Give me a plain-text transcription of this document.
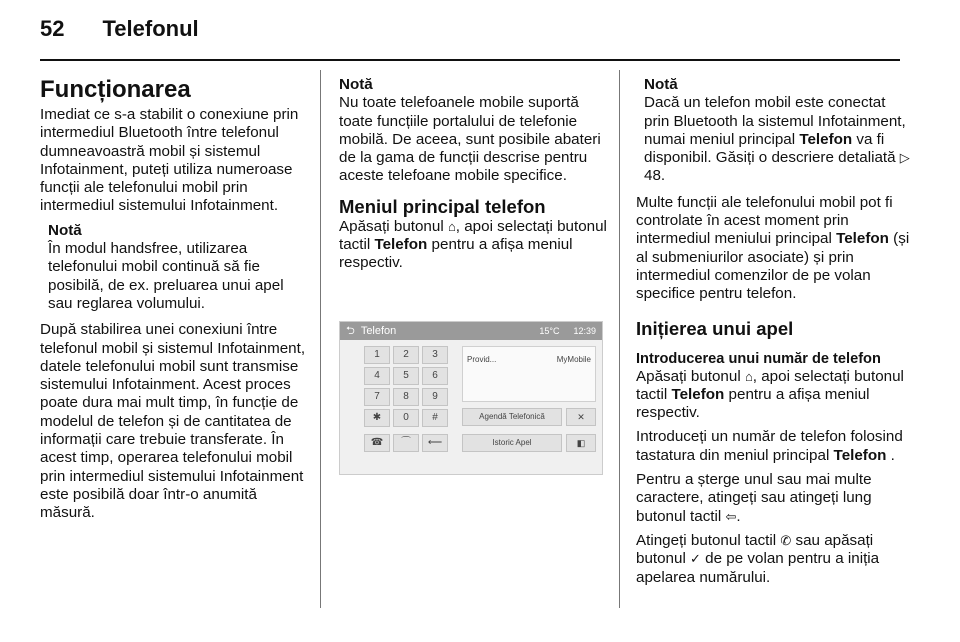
52 Telefonul
Funcționarea

Imediat ce s-a stabilit o conexiune prin intermediul Bluetooth între telefonul dumneavoastră mobil și sistemul Infotainment, puteți utiliza numeroase funcții ale telefonului mobil prin intermediul sistemului Infotainment.

Notă
În modul handsfree, utilizarea telefonului mobil continuă să fie posibilă, de ex. preluarea unui apel sau reglarea volumului.

După stabilirea unei conexiuni între telefonul mobil și sistemul Infotainment, datele telefonului mobil sunt transmise sistemului Infotainment. Acest proces poate dura mai mult timp, în funcție de modelul de telefon și de cantitatea de informații care trebuie transferate. În acest timp, operarea telefonului mobil prin intermediul sistemului Infotainment este posibilă doar într-o anumită măsură.

Notă
Nu toate telefoanele mobile suportă toate funcțiile portalului de telefonie mobilă. De aceea, sunt posibile abateri de la gama de funcții descrise pentru aceste telefoane mobile specifice.
Meniul principal telefon

Apăsați butonul ⌂, apoi selectați butonul tactil Telefon pentru a afișa meniul respectiv.

⮌ Telefon	15°C 12:39
1	2	3
4	5	6
7	8	9
✱	0	#
☎	⌒	⟵
Provid...	MyMobile
Agendă Telefonică	✕
Istoric Apel	◧
Notă
Dacă un telefon mobil este conectat prin Bluetooth la sistemul Infotainment, numai meniul principal Telefon va fi disponibil. Găsiți o descriere detaliată ▷ 48.

Multe funcții ale telefonului mobil pot fi controlate în acest moment prin intermediul meniului principal Telefon (și al submeniurilor asociate) și prin intermediul comenzilor de pe volan specifice pentru telefon.

Inițierea unui apel
Introducerea unui număr de telefon

Apăsați butonul ⌂, apoi selectați butonul tactil Telefon pentru a afișa meniul respectiv.

Introduceți un număr de telefon folosind tastatura din meniul principal Telefon .

Pentru a șterge unul sau mai multe caractere, atingeți sau atingeți lung butonul tactil ⇦.

Atingeți butonul tactil ✆ sau apăsați butonul ✓ de pe volan pentru a iniția apelarea numărului.
